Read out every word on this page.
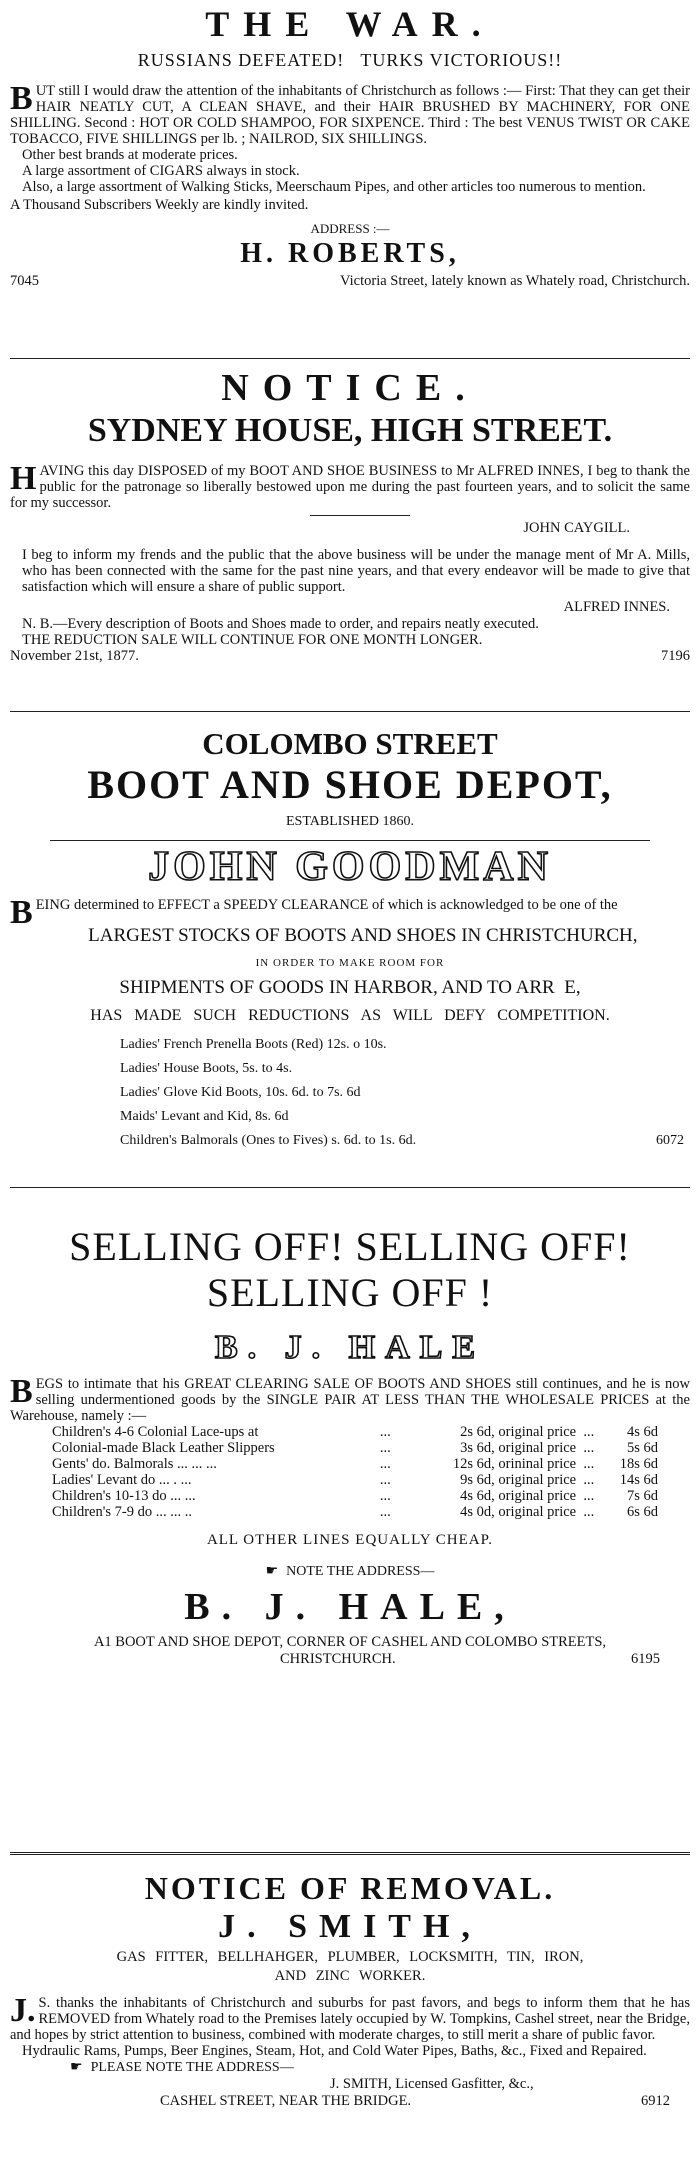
THE WAR.
RUSSIANS DEFEATED!   TURKS VICTORIOUS!!

B UT still I would draw the attention of the inhabitants of Christchurch as follows :— First: That they can get their HAIR NEATLY CUT, A CLEAN SHAVE, and their HAIR BRUSHED BY MACHINERY, FOR ONE SHILLING. Second : HOT OR COLD SHAMPOO, FOR SIXPENCE. Third : The best VENUS TWIST OR CAKE TOBACCO, FIVE SHILLINGS per lb. ; NAILROD, SIX SHILLINGS.

Other best brands at moderate prices.

A large assortment of CIGARS always in stock.

Also, a large assortment of Walking Sticks, Meerschaum Pipes, and other articles too numerous to mention.

A Thousand Subscribers Weekly are kindly invited.

ADDRESS :—
H. ROBERTS,
7045	Victoria Street, lately known as Whately road, Christchurch.
NOTICE.
SYDNEY HOUSE, HIGH STREET.

H AVING this day DISPOSED of my BOOT AND SHOE BUSINESS to Mr ALFRED INNES, I beg to thank the public for the patronage so liberally bestowed upon me during the past fourteen years, and to solicit the same for my successor.

JOHN CAYGILL.

I beg to inform my frends and the public that the above business will be under the manage ment of Mr A. Mills, who has been connected with the same for the past nine years, and that every endeavor will be made to give that satisfaction which will ensure a share of public support.

ALFRED INNES.

N. B.—Every description of Boots and Shoes made to order, and repairs neatly executed.

THE REDUCTION SALE WILL CONTINUE FOR ONE MONTH LONGER.

November 21st, 1877.	7196
COLOMBO STREET
BOOT AND SHOE DEPOT,
ESTABLISHED 1860.
JOHN GOODMAN

B EING determined to EFFECT a SPEEDY CLEARANCE of which is acknowledged to be one of the

LARGEST STOCKS OF BOOTS AND SHOES IN CHRISTCHURCH,
IN ORDER TO MAKE ROOM FOR
SHIPMENTS OF GOODS IN HARBOR, AND TO ARR  E,
HAS MADE SUCH REDUCTIONS AS WILL DEFY COMPETITION.
Ladies' French Prenella Boots (Red) 12s. o 10s.
Ladies' House Boots, 5s. to 4s.
Ladies' Glove Kid Boots, 10s. 6d. to 7s. 6d
Maids' Levant and Kid, 8s. 6d
Children's Balmorals (Ones to Fives) s. 6d. to 1s. 6d.	6072
SELLING OFF! SELLING OFF!
SELLING OFF !
B. J. HALE

B EGS to intimate that his GREAT CLEARING SALE OF BOOTS AND SHOES still continues, and he is now selling undermentioned goods by the SINGLE PAIR AT LESS THAN THE WHOLESALE PRICES at the Warehouse, namely :—

Children's 4-6 Colonial Lace-ups at	...	2s 6d, original price	...	4s 6d
Colonial-made Black Leather Slippers	...	3s 6d, original price	...	5s 6d
Gents' do. Balmorals ... ... ...	...	12s 6d, orininal price	...	18s 6d
Ladies' Levant do ... . ...	...	9s 6d, original price	...	14s 6d
Children's 10-13 do ... ...	...	4s 6d, original price	...	7s 6d
Children's 7-9 do ... ... ..	...	4s 0d, original price	...	6s 6d
ALL OTHER LINES EQUALLY CHEAP.
☛ NOTE THE ADDRESS—
B. J. HALE,
A1 BOOT AND SHOE DEPOT, CORNER OF CASHEL AND COLOMBO STREETS,
CHRISTCHURCH.	6195
NOTICE OF REMOVAL.
J. SMITH,
GAS FITTER, BELLHAHGER, PLUMBER, LOCKSMITH, TIN, IRON,
AND ZINC WORKER.

J. S. thanks the inhabitants of Christchurch and suburbs for past favors, and begs to inform them that he has REMOVED from Whately road to the Premises lately occupied by W. Tompkins, Cashel street, near the Bridge, and hopes by strict attention to business, combined with moderate charges, to still merit a share of public favor.

Hydraulic Rams, Pumps, Beer Engines, Steam, Hot, and Cold Water Pipes, Baths, &c., Fixed and Repaired.

☛ PLEASE NOTE THE ADDRESS—
J. SMITH, Licensed Gasfitter, &c.,
CASHEL STREET, NEAR THE BRIDGE.	6912
